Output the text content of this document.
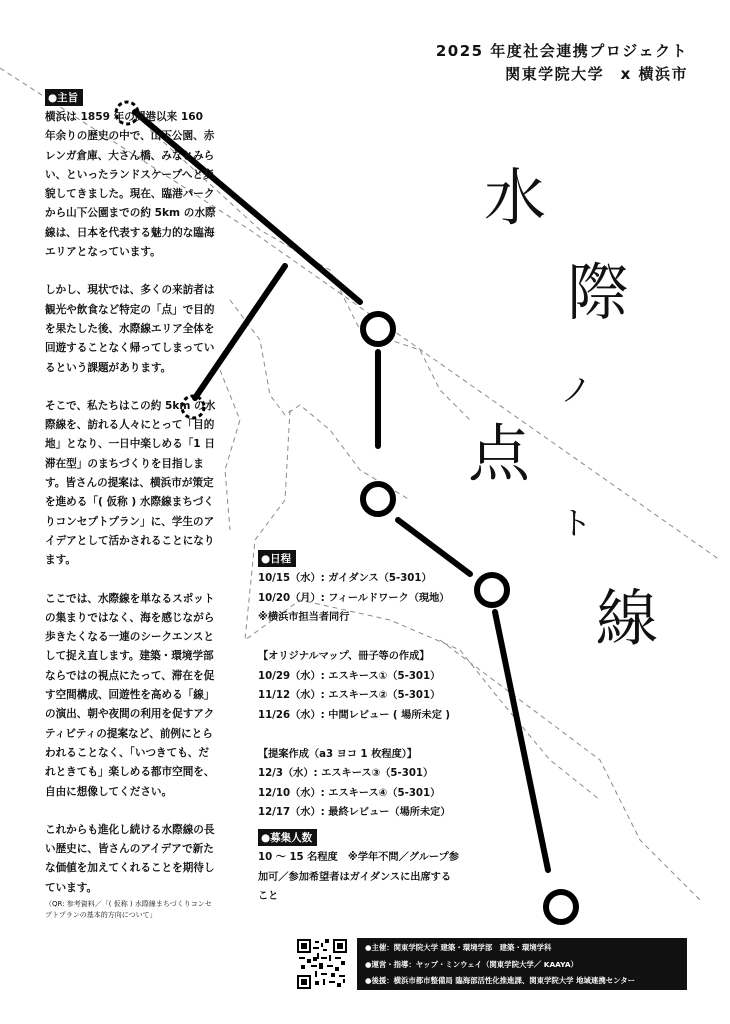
2025 年度社会連携プロジェクト
関東学院大学　x 横浜市
水
際
ノ
点
ト
線
●主旨

横浜は 1859 年の開港以来 160 年余りの歴史の中で、山下公園、赤レンガ倉庫、大さん橋、みなとみらい、といったランドスケープへと変貌してきました。現在、臨港パークから山下公園までの約 5km の水際線は、日本を代表する魅力的な臨海エリアとなっています。

しかし、現状では、多くの来訪者は観光や飲食など特定の「点」で目的を果たした後、水際線エリア全体を回遊することなく帰ってしまっているという課題があります。

そこで、私たちはこの約 5km の水際線を、訪れる人々にとって「目的地」となり、一日中楽しめる「1 日滞在型」のまちづくりを目指します。皆さんの提案は、横浜市が策定を進める「( 仮称 ) 水際線まちづくりコンセプトプラン」に、学生のアイデアとして活かされることになります。

ここでは、水際線を単なるスポットの集まりではなく、海を感じながら歩きたくなる一連のシークエンスとして捉え直します。建築・環境学部ならではの視点にたって、滞在を促す空間構成、回遊性を高める「線」の演出、朝や夜間の利用を促すアクティビティの提案など、前例にとらわれることなく、「いつきても、だれときても」楽しめる都市空間を、自由に想像してください。

これからも進化し続ける水際線の長い歴史に、皆さんのアイデアで新たな価値を加えてくれることを期待しています。

（QR: 参考資料／「( 仮称 ) 水際線まちづくりコンセプトプランの基本的方向について」
●日程
10/15（水）: ガイダンス（5-301）
10/20（月）: フィールドワーク（現地）
※横浜市担当者同行
【オリジナルマップ、冊子等の作成】
10/29（水）: エスキース①（5-301）
11/12（水）: エスキース②（5-301）
11/26（水）: 中間レビュー ( 場所未定 )
【提案作成（a3 ヨコ 1 枚程度）】
12/3（水）: エスキース③（5-301）
12/10（水）: エスキース④（5-301）
12/17（水）: 最終レビュー（場所未定）
●募集人数
10 ～ 15 名程度　※学年不問／グループ参
加可／参加希望者はガイダンスに出席する
こと
●主催：関東学院大学 建築・環境学部　建築・環境学科
●運営・指導：ヤップ・ミンウェイ（関東学院大学／ KAAYA）
●後援：横浜市都市整備局 臨海部活性化推進課、関東学院大学 地域連携センター
